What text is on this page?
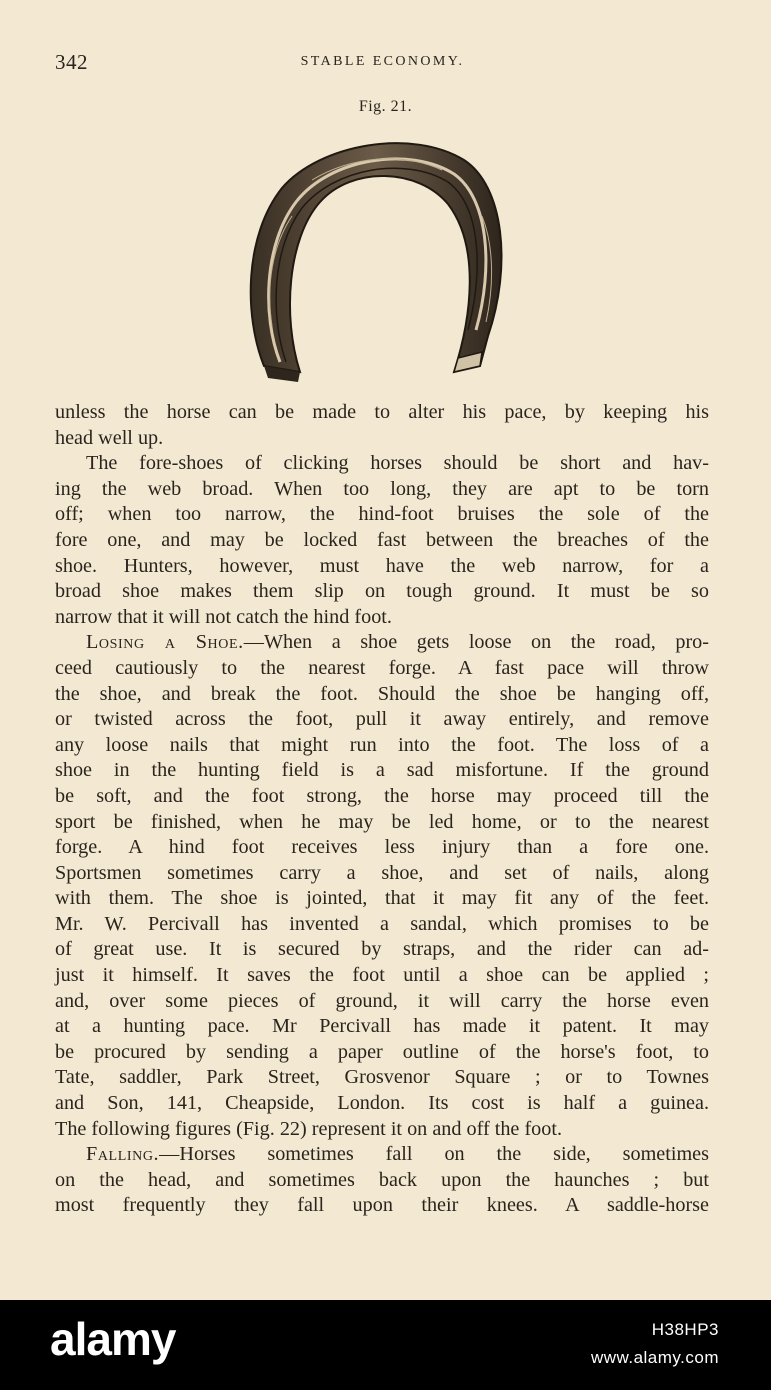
342	STABLE ECONOMY.
Fig. 21.
unless the horse can be made to alter his pace, by keeping his
head well up.
The fore-shoes of clicking horses should be short and hav-
ing the web broad. When too long, they are apt to be torn
off; when too narrow, the hind-foot bruises the sole of the
fore one, and may be locked fast between the breaches of the
shoe. Hunters, however, must have the web narrow, for a
broad shoe makes them slip on tough ground. It must be so
narrow that it will not catch the hind foot.
Losing a Shoe.—When a shoe gets loose on the road, pro-
ceed cautiously to the nearest forge. A fast pace will throw
the shoe, and break the foot. Should the shoe be hanging off,
or twisted across the foot, pull it away entirely, and remove
any loose nails that might run into the foot. The loss of a
shoe in the hunting field is a sad misfortune. If the ground
be soft, and the foot strong, the horse may proceed till the
sport be finished, when he may be led home, or to the nearest
forge. A hind foot receives less injury than a fore one.
Sportsmen sometimes carry a shoe, and set of nails, along
with them. The shoe is jointed, that it may fit any of the feet.
Mr. W. Percivall has invented a sandal, which promises to be
of great use. It is secured by straps, and the rider can ad-
just it himself. It saves the foot until a shoe can be applied ;
and, over some pieces of ground, it will carry the horse even
at a hunting pace. Mr Percivall has made it patent. It may
be procured by sending a paper outline of the horse's foot, to
Tate, saddler, Park Street, Grosvenor Square ; or to Townes
and Son, 141, Cheapside, London. Its cost is half a guinea.
The following figures (Fig. 22) represent it on and off the foot.
Falling.—Horses sometimes fall on the side, sometimes
on the head, and sometimes back upon the haunches ; but
most frequently they fall upon their knees. A saddle-horse
alamy	H38HP3
www.alamy.com
